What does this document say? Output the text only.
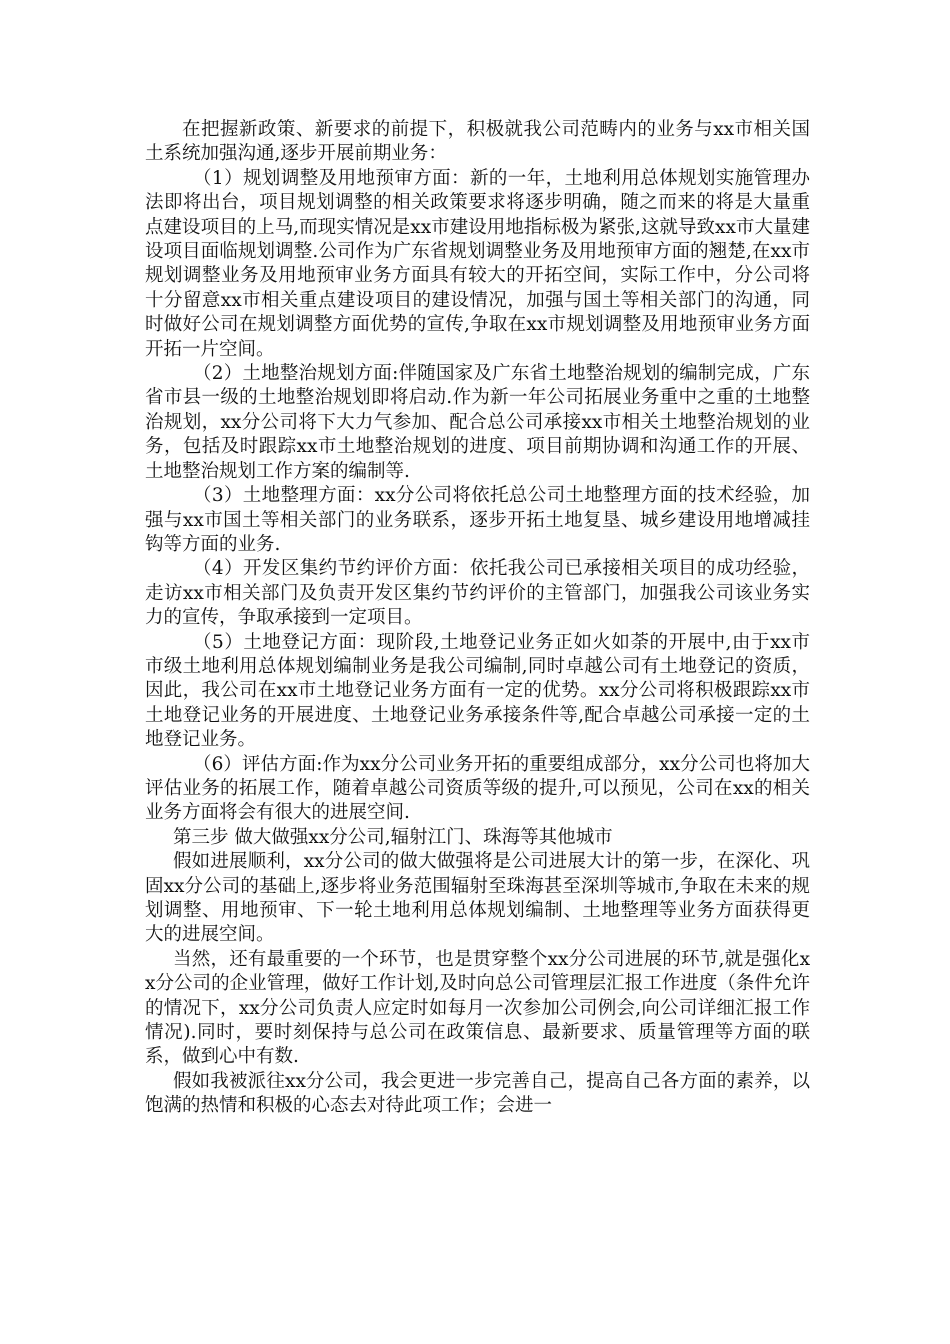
在把握新政策、新要求的前提下，积极就我公司范畴内的业务与xx市相关国土系统加强沟通,逐步开展前期业务：

（1）规划调整及用地预审方面：新的一年，土地利用总体规划实施管理办法即将出台，项目规划调整的相关政策要求将逐步明确，随之而来的将是大量重点建设项目的上马,而现实情况是xx市建设用地指标极为紧张,这就导致xx市大量建设项目面临规划调整.公司作为广东省规划调整业务及用地预审方面的翘楚,在xx市规划调整业务及用地预审业务方面具有较大的开拓空间，实际工作中，分公司将十分留意xx市相关重点建设项目的建设情况，加强与国土等相关部门的沟通，同时做好公司在规划调整方面优势的宣传,争取在xx市规划调整及用地预审业务方面开拓一片空间。

（2）土地整治规划方面:伴随国家及广东省土地整治规划的编制完成，广东省市县一级的土地整治规划即将启动.作为新一年公司拓展业务重中之重的土地整治规划，xx分公司将下大力气参加、配合总公司承接xx市相关土地整治规划的业务，包括及时跟踪xx市土地整治规划的进度、项目前期协调和沟通工作的开展、土地整治规划工作方案的编制等.

（3）土地整理方面：xx分公司将依托总公司土地整理方面的技术经验，加强与xx市国土等相关部门的业务联系，逐步开拓土地复垦、城乡建设用地增减挂钩等方面的业务.

（4）开发区集约节约评价方面：依托我公司已承接相关项目的成功经验，走访xx市相关部门及负责开发区集约节约评价的主管部门，加强我公司该业务实力的宣传，争取承接到一定项目。

（5）土地登记方面：现阶段,土地登记业务正如火如荼的开展中,由于xx市市级土地利用总体规划编制业务是我公司编制,同时卓越公司有土地登记的资质，因此，我公司在xx市土地登记业务方面有一定的优势。xx分公司将积极跟踪xx市土地登记业务的开展进度、土地登记业务承接条件等,配合卓越公司承接一定的土地登记业务。

（6）评估方面:作为xx分公司业务开拓的重要组成部分，xx分公司也将加大评估业务的拓展工作，随着卓越公司资质等级的提升,可以预见，公司在xx的相关业务方面将会有很大的进展空间.

第三步 做大做强xx分公司,辐射江门、珠海等其他城市

假如进展顺利，xx分公司的做大做强将是公司进展大计的第一步，在深化、巩固xx分公司的基础上,逐步将业务范围辐射至珠海甚至深圳等城市,争取在未来的规划调整、用地预审、下一轮土地利用总体规划编制、土地整理等业务方面获得更大的进展空间。

当然，还有最重要的一个环节，也是贯穿整个xx分公司进展的环节,就是强化xx分公司的企业管理，做好工作计划,及时向总公司管理层汇报工作进度（条件允许的情况下，xx分公司负责人应定时如每月一次参加公司例会,向公司详细汇报工作情况).同时，要时刻保持与总公司在政策信息、最新要求、质量管理等方面的联系，做到心中有数.

假如我被派往xx分公司，我会更进一步完善自己，提高自己各方面的素养，以饱满的热情和积极的心态去对待此项工作；会进一
